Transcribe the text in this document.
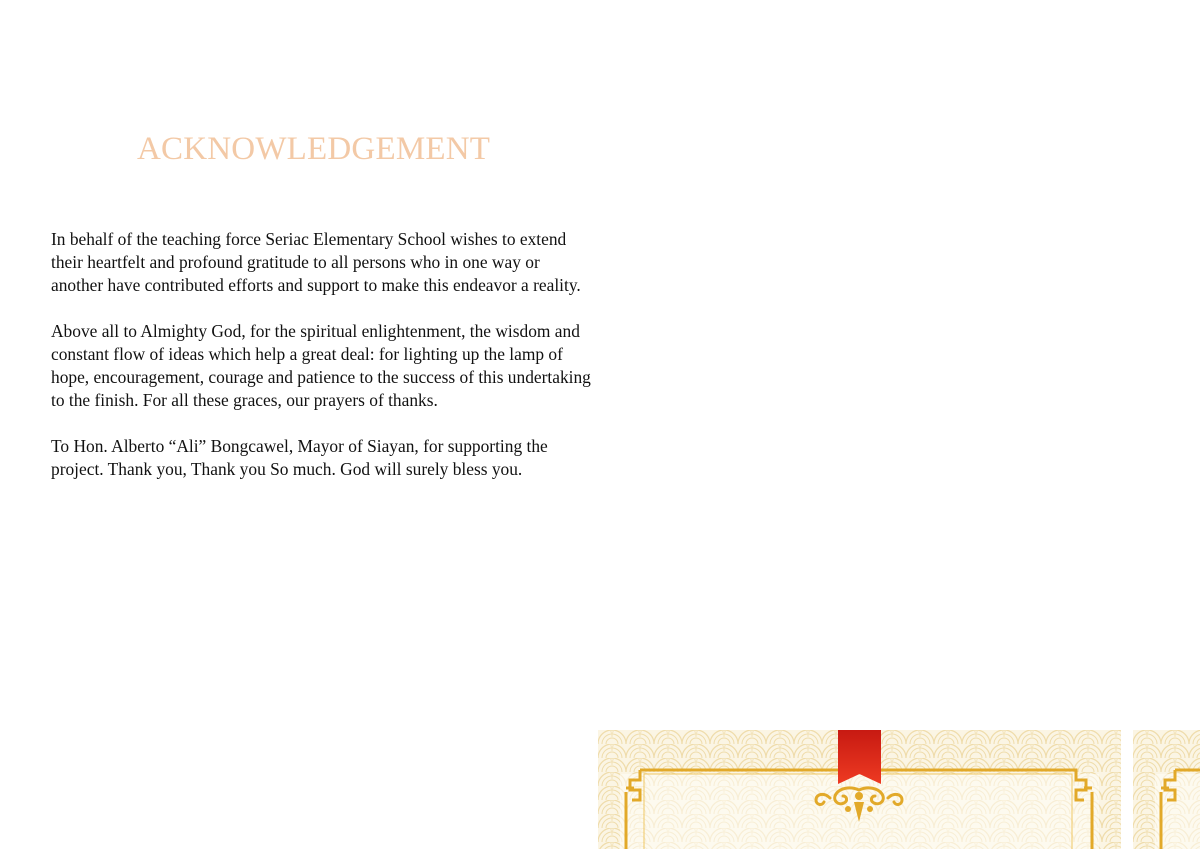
ACKNOWLEDGEMENT

In behalf of the teaching force Seriac Elementary School wishes to extend their heartfelt and profound gratitude to all persons who in one way or another have contributed efforts and support to make this endeavor a reality.

Above all to Almighty God, for the spiritual enlightenment, the wisdom and constant flow of ideas which help a great deal: for lighting up the lamp of hope, encouragement, courage and patience to the success of this undertaking to the finish. For all these graces, our prayers of thanks.

To Hon. Alberto “Ali” Bongcawel, Mayor of Siayan, for supporting the project. Thank you, Thank you So much. God will surely bless you.
